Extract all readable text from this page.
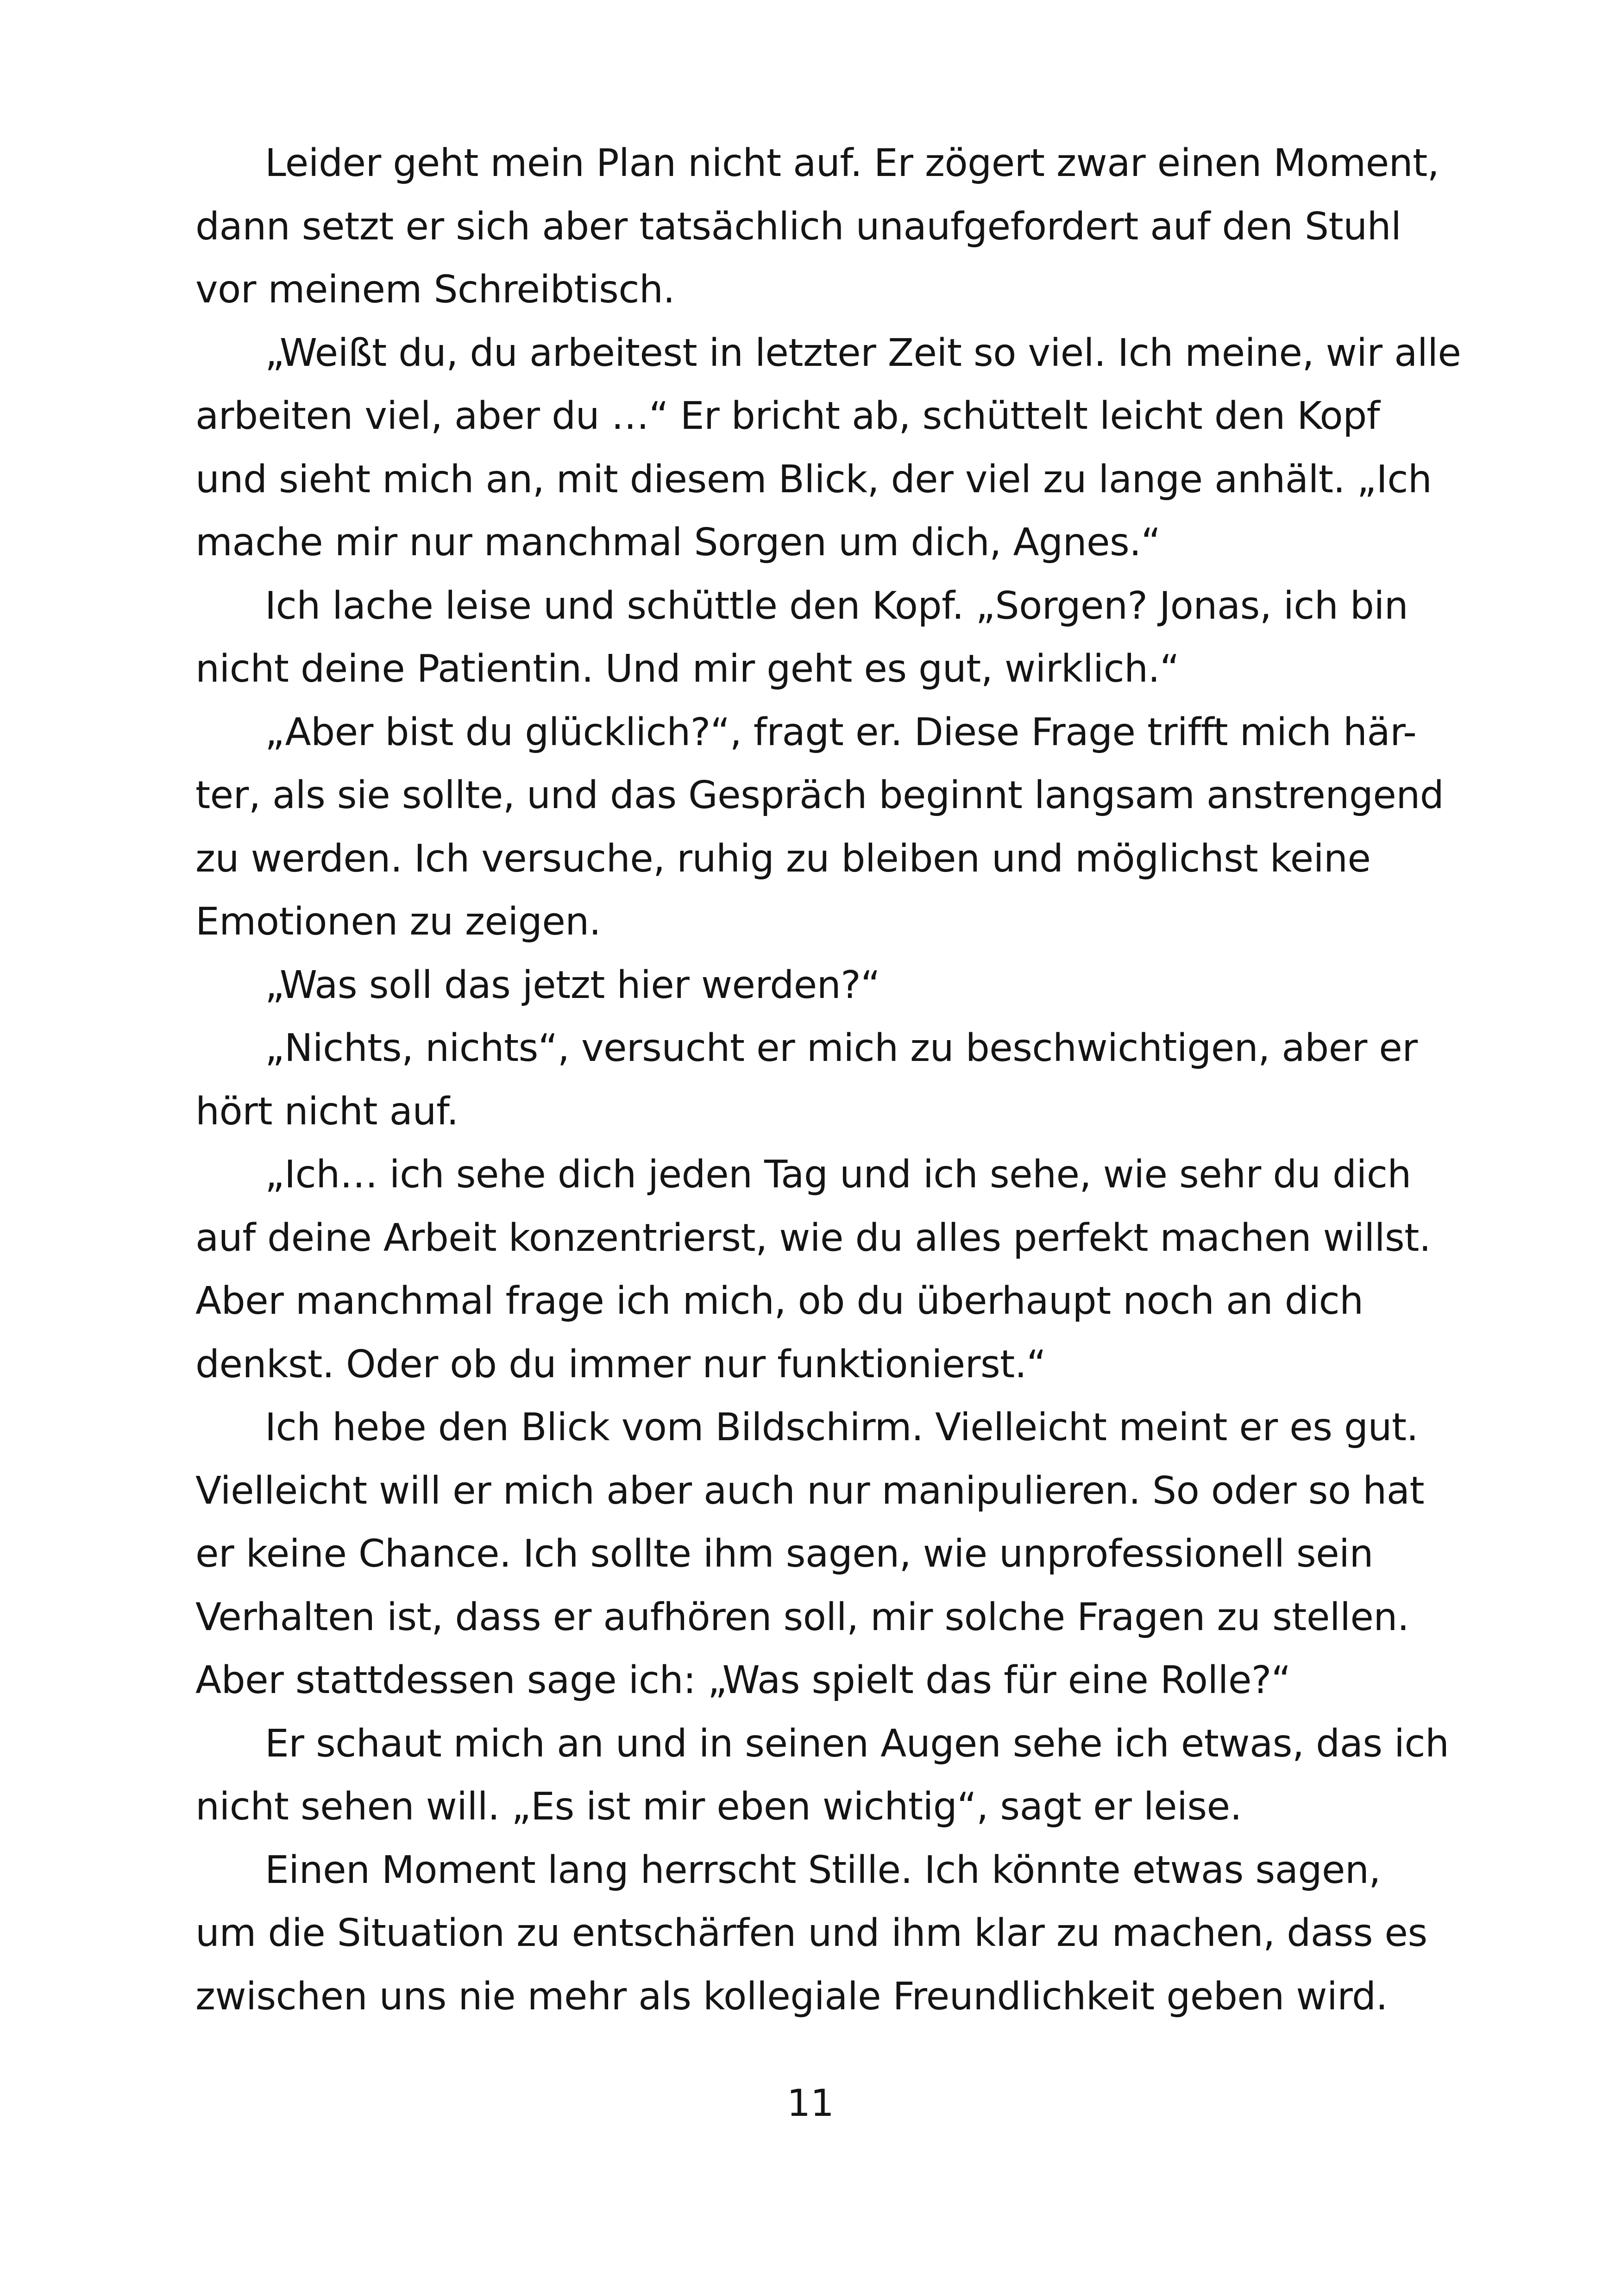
Leider geht mein Plan nicht auf. Er zögert zwar einen Moment,
dann setzt er sich aber tatsächlich unaufgefordert auf den Stuhl
vor meinem Schreibtisch.

„Weißt du, du arbeitest in letzter Zeit so viel. Ich meine, wir alle
arbeiten viel, aber du …“ Er bricht ab, schüttelt leicht den Kopf
und sieht mich an, mit diesem Blick, der viel zu lange anhält. „Ich
mache mir nur manchmal Sorgen um dich, Agnes.“

Ich lache leise und schüttle den Kopf. „Sorgen? Jonas, ich bin
nicht deine Patientin. Und mir geht es gut, wirklich.“

„Aber bist du glücklich?“, fragt er. Diese Frage trifft mich här-
ter, als sie sollte, und das Gespräch beginnt langsam anstrengend
zu werden. Ich versuche, ruhig zu bleiben und möglichst keine
Emotionen zu zeigen.

„Was soll das jetzt hier werden?“

„Nichts, nichts“, versucht er mich zu beschwichtigen, aber er
hört nicht auf.

„Ich… ich sehe dich jeden Tag und ich sehe, wie sehr du dich
auf deine Arbeit konzentrierst, wie du alles perfekt machen willst.
Aber manchmal frage ich mich, ob du überhaupt noch an dich
denkst. Oder ob du immer nur funktionierst.“

Ich hebe den Blick vom Bildschirm. Vielleicht meint er es gut.
Vielleicht will er mich aber auch nur manipulieren. So oder so hat
er keine Chance. Ich sollte ihm sagen, wie unprofessionell sein
Verhalten ist, dass er aufhören soll, mir solche Fragen zu stellen.
Aber stattdessen sage ich: „Was spielt das für eine Rolle?“

Er schaut mich an und in seinen Augen sehe ich etwas, das ich
nicht sehen will. „Es ist mir eben wichtig“, sagt er leise.

Einen Moment lang herrscht Stille. Ich könnte etwas sagen,
um die Situation zu entschärfen und ihm klar zu machen, dass es
zwischen uns nie mehr als kollegiale Freundlichkeit geben wird.

11
